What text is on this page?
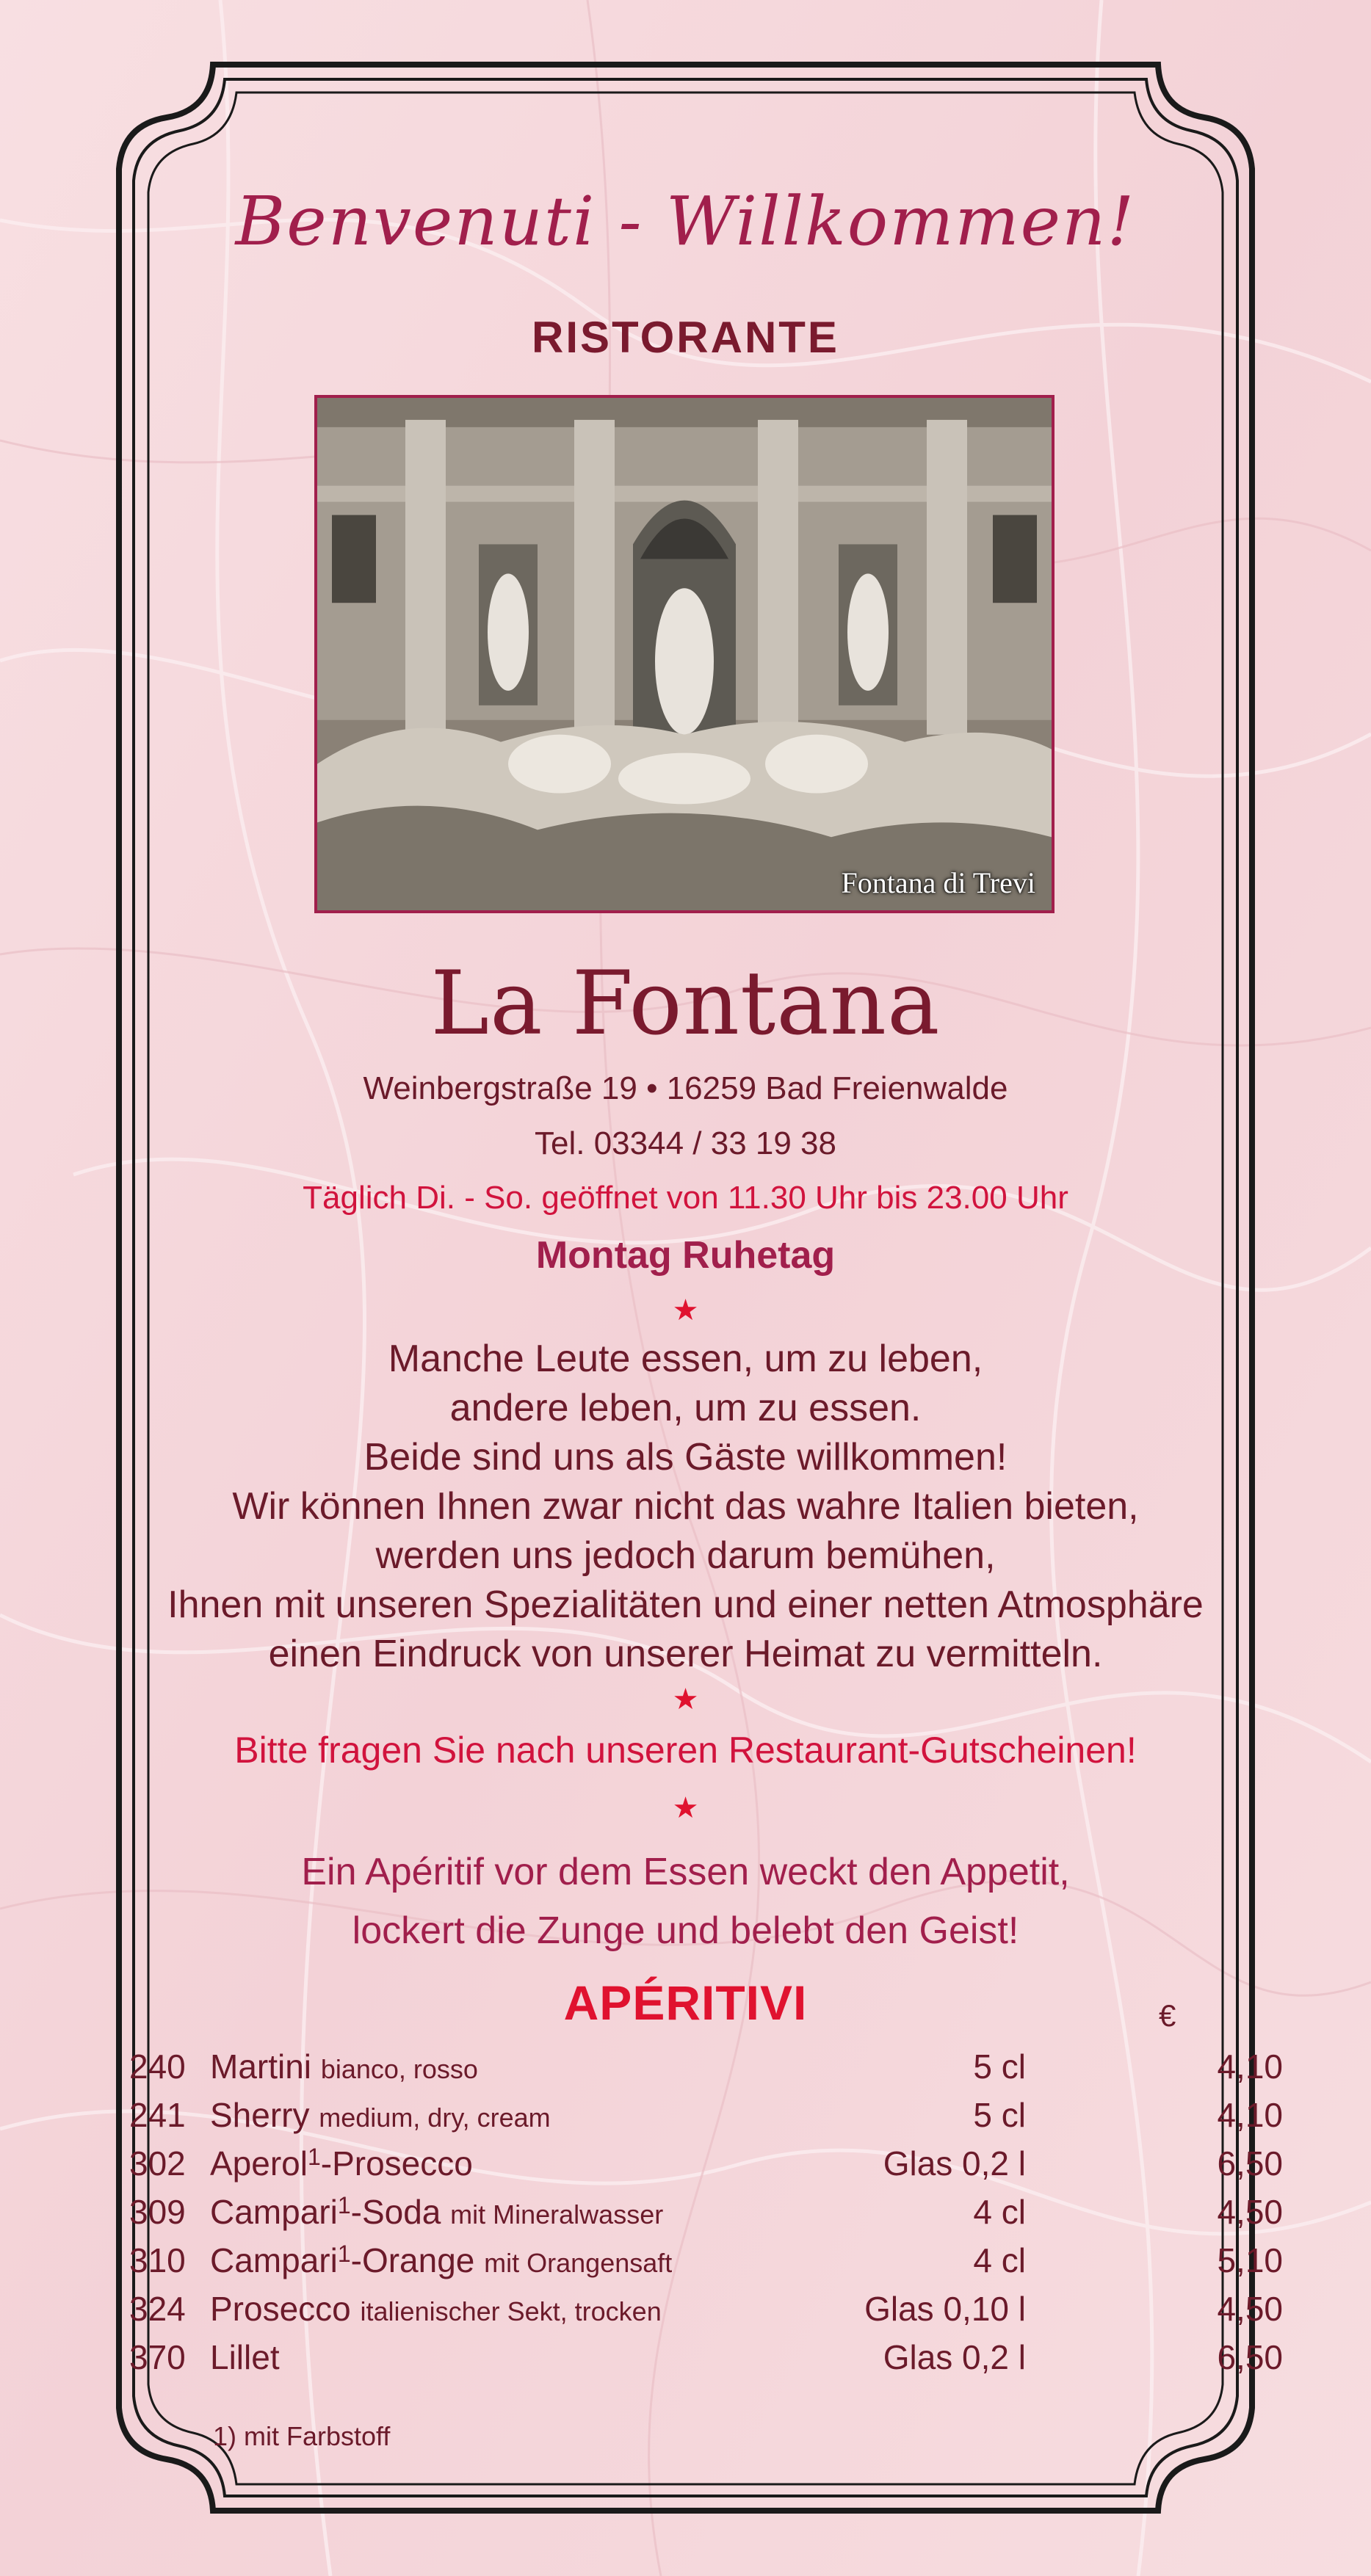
Benvenuti - Willkommen!
RISTORANTE
Fontana di Trevi
La Fontana
Weinbergstraße 19 • 16259 Bad Freienwalde
Tel. 03344 / 33 19 38
Täglich Di. - So. geöffnet von 11.30 Uhr bis 23.00 Uhr
Montag Ruhetag
★
Manche Leute essen, um zu leben,
andere leben, um zu essen.
Beide sind uns als Gäste willkommen!
Wir können Ihnen zwar nicht das wahre Italien bieten,
werden uns jedoch darum bemühen,
Ihnen mit unseren Spezialitäten und einer netten Atmosphäre
einen Eindruck von unserer Heimat zu vermitteln.
★
Bitte fragen Sie nach unseren Restaurant-Gutscheinen!
★
Ein Apéritif vor dem Essen weckt den Appetit,
lockert die Zunge und belebt den Geist!
APÉRITIVI	€
240 Martini bianco, rosso	5 cl	4,10
241 Sherry medium, dry, cream	5 cl	4,10
302 Aperol$^1$-Prosecco	Glas 0,2 l	6,50
309 Campari$^1$-Soda mit Mineralwasser	4 cl	4,50
310 Campari$^1$-Orange mit Orangensaft	4 cl	5,10
324 Prosecco italienischer Sekt, trocken	Glas 0,10 l	4,50
370 Lillet	Glas 0,2 l	6,50
1) mit Farbstoff
